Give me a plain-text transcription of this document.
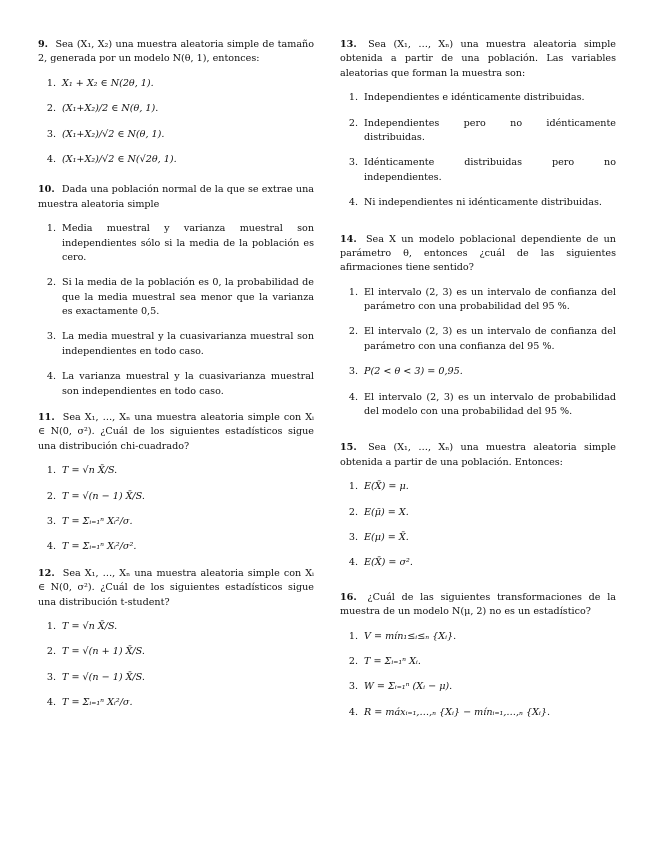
9. Sea (X₁, X₂) una muestra aleatoria simple de tamaño 2, generada por un modelo N(θ, 1), entonces:

1. X₁ + X₂ ∈ N(2θ, 1).
2. (X₁+X₂)/2 ∈ N(θ, 1).
3. (X₁+X₂)/√2 ∈ N(θ, 1).
4. (X₁+X₂)/√2 ∈ N(√2θ, 1).

10. Dada una población normal de la que se extrae una muestra aleatoria simple

1. Media muestral y varianza muestral son independientes sólo si la media de la población es cero.
2. Si la media de la población es 0, la probabilidad de que la media muestral sea menor que la varianza es exactamente 0,5.
3. La media muestral y la cuasivarianza muestral son independientes en todo caso.
4. La varianza muestral y la cuasivarianza muestral son independientes en todo caso.

11. Sea X₁, …, Xₙ una muestra aleatoria simple con Xᵢ ∈ N(0, σ²). ¿Cuál de los siguientes estadísticos sigue una distribución chi-cuadrado?

1. T = √n X̄/S.
2. T = √(n − 1) X̄/S.
3. T = Σᵢ₌₁ⁿ Xᵢ²/σ.
4. T = Σᵢ₌₁ⁿ Xᵢ²/σ².

12. Sea X₁, …, Xₙ una muestra aleatoria simple con Xᵢ ∈ N(0, σ²). ¿Cuál de los siguientes estadísticos sigue una distribución t-student?

1. T = √n X̄/S.
2. T = √(n + 1) X̄/S.
3. T = √(n − 1) X̄/S.
4. T = Σᵢ₌₁ⁿ Xᵢ²/σ.

13. Sea (X₁, …, Xₙ) una muestra aleatoria simple obtenida a partir de una población. Las variables aleatorias que forman la muestra son:

1. Independientes e idénticamente distribuidas.
2. Independientes pero no idénticamente distribuidas.
3. Idénticamente distribuidas pero no independientes.
4. Ni independientes ni idénticamente distribuidas.

14. Sea X un modelo poblacional dependiente de un parámetro θ, entonces ¿cuál de las siguientes afirmaciones tiene sentido?

1. El intervalo (2, 3) es un intervalo de confianza del parámetro con una probabilidad del 95 %.
2. El intervalo (2, 3) es un intervalo de confianza del parámetro con una confianza del 95 %.
3. P(2 < θ < 3) = 0,95.
4. El intervalo (2, 3) es un intervalo de probabilidad del modelo con una probabilidad del 95 %.

15. Sea (X₁, …, Xₙ) una muestra aleatoria simple obtenida a partir de una población. Entonces:

1. E(X̄) = μ.
2. E(μ̄) = X.
3. E(μ) = X̄.
4. E(X̄) = σ².

16. ¿Cuál de las siguientes transformaciones de la muestra de un modelo N(μ, 2) no es un estadístico?

1. V = mín₁≤ᵢ≤ₙ {Xᵢ}.
2. T = Σᵢ₌₁ⁿ Xᵢ.
3. W = Σᵢ₌₁ⁿ (Xᵢ − μ).
4. R = máxᵢ₌₁,…,ₙ {Xᵢ} − mínᵢ₌₁,…,ₙ {Xᵢ}.
